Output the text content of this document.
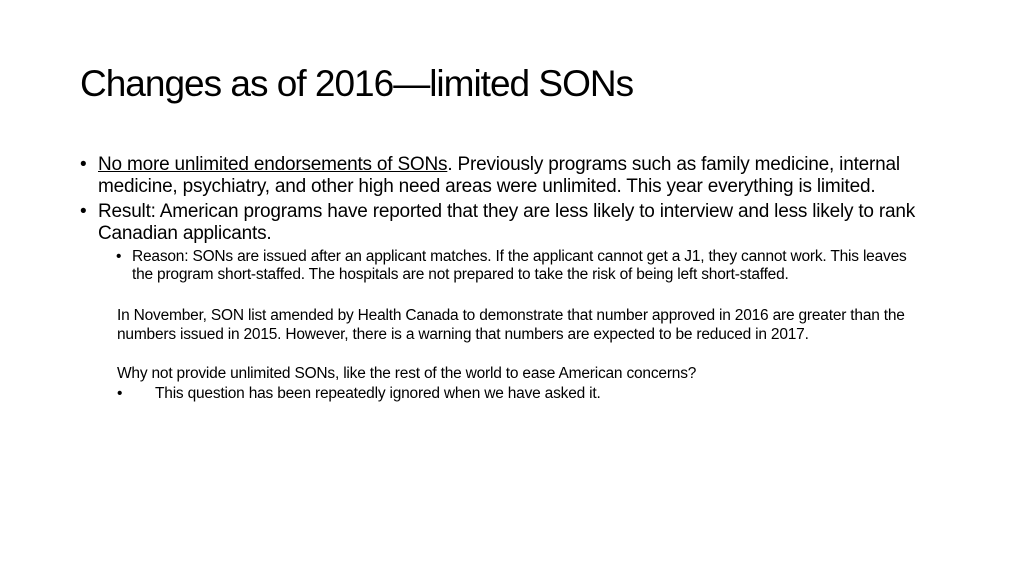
Changes as of 2016—limited SONs
• No more unlimited endorsements of SONs. Previously programs such as family medicine, internal medicine, psychiatry, and other high need areas were unlimited. This year everything is limited.
• Result: American programs have reported that they are less likely to interview and less likely to rank Canadian applicants.
• Reason: SONs are issued after an applicant matches. If the applicant cannot get a J1, they cannot work. This leaves the program short-staffed. The hospitals are not prepared to take the risk of being left short-staffed.
In November, SON list amended by Health Canada to demonstrate that number approved in 2016 are greater than the numbers issued in 2015. However, there is a warning that numbers are expected to be reduced in 2017.
Why not provide unlimited SONs, like the rest of the world to ease American concerns?
• This question has been repeatedly ignored when we have asked it.
